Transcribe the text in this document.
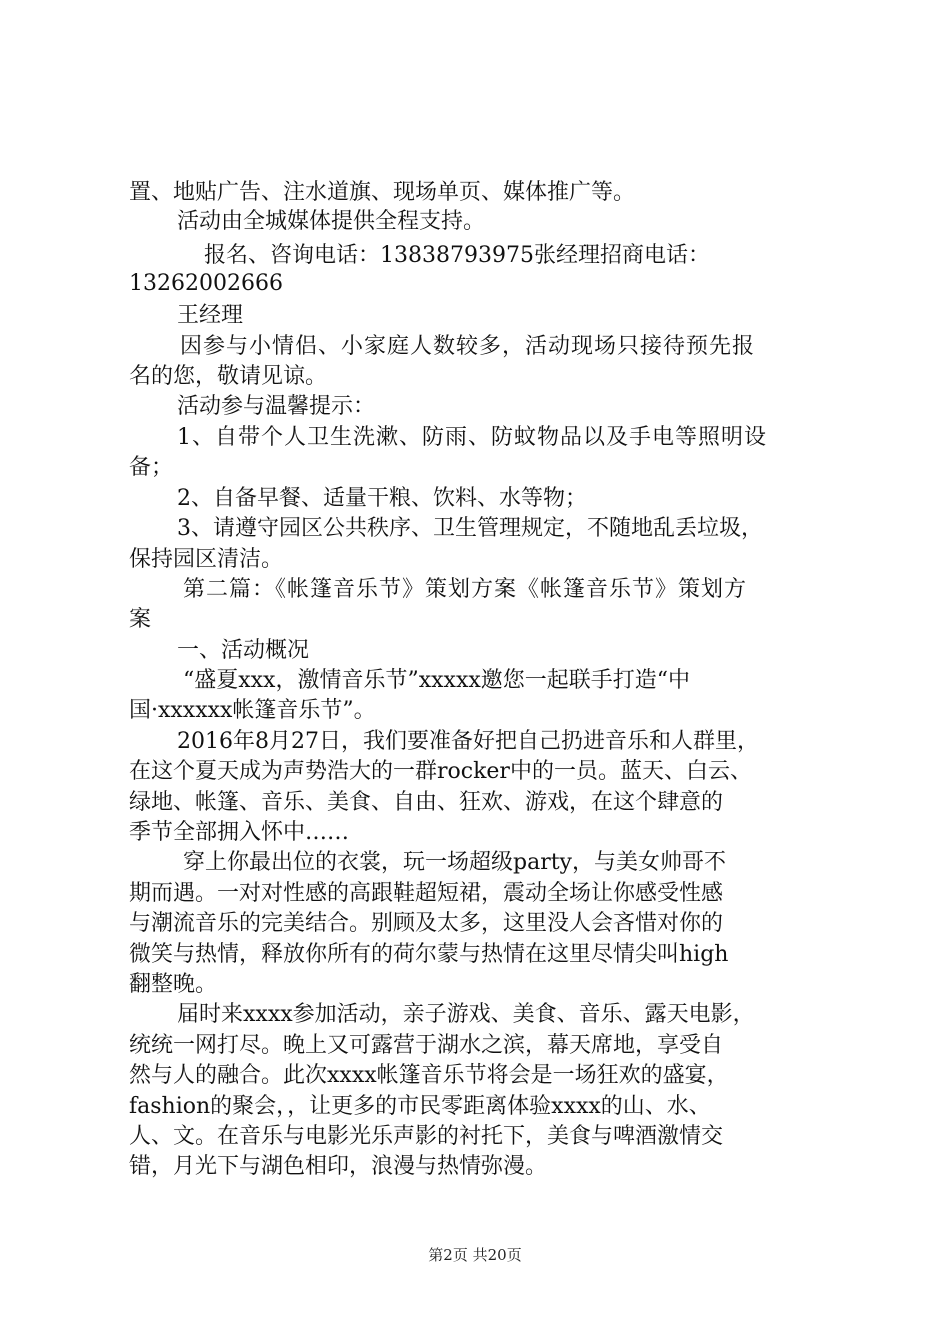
置、地贴广告、注水道旗、现场单页、媒体推广等。
活动由全城媒体提供全程支持。
报名、咨询电话：13838793975张经理招商电话：
13262002666
王经理
因参与小情侣、小家庭人数较多，活动现场只接待预先报
名的您，敬请见谅。
活动参与温馨提示：
1、自带个人卫生洗漱、防雨、防蚊物品以及手电等照明设
备；
2、自备早餐、适量干粮、饮料、水等物；
3、请遵守园区公共秩序、卫生管理规定，不随地乱丢垃圾，
保持园区清洁。
第二篇：《帐篷音乐节》策划方案《帐篷音乐节》策划方
案
一、活动概况
“盛夏xxx，激情音乐节”xxxxx邀您一起联手打造“中
国·xxxxxx帐篷音乐节”。
2016年8月27日，我们要准备好把自己扔进音乐和人群里，
在这个夏天成为声势浩大的一群rocker中的一员。蓝天、白云、
绿地、帐篷、音乐、美食、自由、狂欢、游戏，在这个肆意的
季节全部拥入怀中……
穿上你最出位的衣裳，玩一场超级party，与美女帅哥不
期而遇。一对对性感的高跟鞋超短裙，震动全场让你感受性感
与潮流音乐的完美结合。别顾及太多，这里没人会吝惜对你的
微笑与热情，释放你所有的荷尔蒙与热情在这里尽情尖叫high
翻整晚。
届时来xxxx参加活动，亲子游戏、美食、音乐、露天电影，
统统一网打尽。晚上又可露营于湖水之滨，幕天席地，享受自
然与人的融合。此次xxxx帐篷音乐节将会是一场狂欢的盛宴，
fashion的聚会，，让更多的市民零距离体验xxxx的山、水、
人、文。在音乐与电影光乐声影的衬托下，美食与啤酒激情交
错，月光下与湖色相印，浪漫与热情弥漫。
第2页 共20页
